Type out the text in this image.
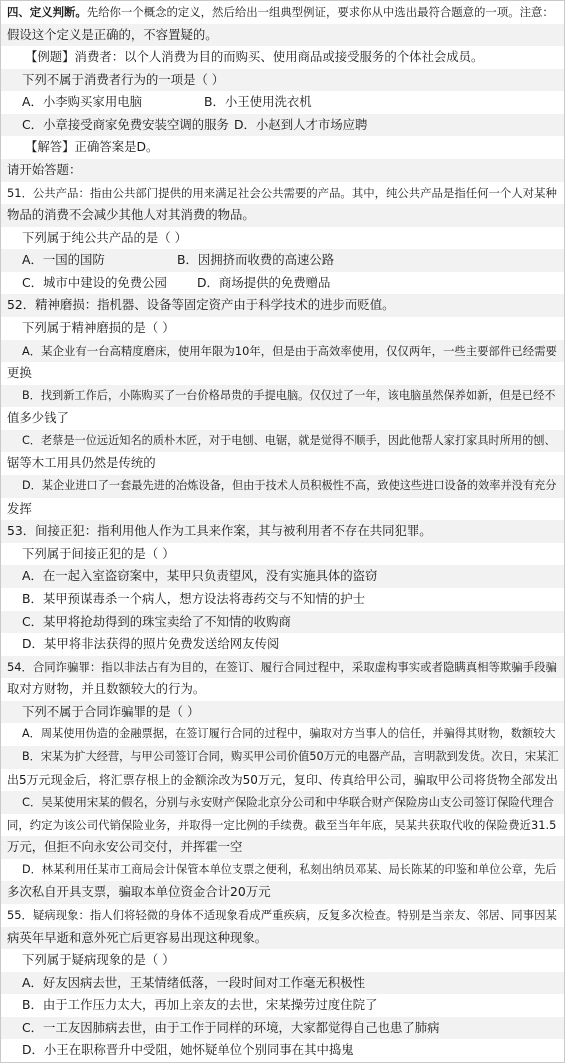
四、定义判断。先给你一个概念的定义，然后给出一组典型例证，要求你从中选出最符合题意的一项。注意：
假设这个定义是正确的，不容置疑的。
【例题】消费者：以个人消费为目的而购买、使用商品或接受服务的个体社会成员。
下列不属于消费者行为的一项是（ ）
A．小李购买家用电脑	B．小王使用洗衣机
C．小章接受商家免费安装空调的服务 D．小赵到人才市场应聘
【解答】正确答案是D。
请开始答题：
51．公共产品：指由公共部门提供的用来满足社会公共需要的产品。其中，纯公共产品是指任何一个人对某种
物品的消费不会减少其他人对其消费的物品。
下列属于纯公共产品的是（ ）
A．一国的国防	B．因拥挤而收费的高速公路
C．城市中建设的免费公园 D．商场提供的免费赠品
52．精神磨损：指机器、设备等固定资产由于科学技术的进步而贬值。
下列属于精神磨损的是（ ）
A．某企业有一台高精度磨床，使用年限为10年，但是由于高效率使用，仅仅两年，一些主要部件已经需要
更换
B．找到新工作后，小陈购买了一台价格昂贵的手提电脑。仅仅过了一年，该电脑虽然保养如新，但是已经不
值多少钱了
C．老蔡是一位远近知名的质朴木匠，对于电刨、电锯，就是觉得不顺手，因此他帮人家打家具时所用的刨、
锯等木工用具仍然是传统的
D．某企业进口了一套最先进的冶炼设备，但由于技术人员积极性不高，致使这些进口设备的效率并没有充分
发挥
53．间接正犯：指利用他人作为工具来作案，其与被利用者不存在共同犯罪。
下列属于间接正犯的是（ ）
A．在一起入室盗窃案中，某甲只负责望风，没有实施具体的盗窃
B．某甲预谋毒杀一个病人，想方设法将毒药交与不知情的护士
C．某甲将抢劫得到的珠宝卖给了不知情的收购商
D．某甲将非法获得的照片免费发送给网友传阅
54．合同诈骗罪：指以非法占有为目的，在签订、履行合同过程中，采取虚构事实或者隐瞒真相等欺骗手段骗
取对方财物，并且数额较大的行为。
下列不属于合同诈骗罪的是（ ）
A．周某使用伪造的金融票据，在签订履行合同的过程中，骗取对方当事人的信任，并骗得其财物，数额较大
B．宋某为扩大经营，与甲公司签订合同，购买甲公司价值50万元的电器产品，言明款到发货。次日，宋某汇
出5万元现金后，将汇票存根上的金额涂改为50万元，复印、传真给甲公司，骗取甲公司将货物全部发出
C．吴某使用宋某的假名，分别与永安财产保险北京分公司和中华联合财产保险房山支公司签订保险代理合
同，约定为该公司代销保险业务，并取得一定比例的手续费。截至当年年底，吴某共获取代收的保险费近31.5
万元，但拒不向永安公司交付，并挥霍一空
D．林某利用任某市工商局会计保管本单位支票之便利，私刻出纳员邓某、局长陈某的印鉴和单位公章，先后
多次私自开具支票，骗取本单位资金合计20万元
55．疑病现象：指人们将轻微的身体不适现象看成严重疾病，反复多次检查。特别是当亲友、邻居、同事因某
病英年早逝和意外死亡后更容易出现这种现象。
下列属于疑病现象的是（ ）
A．好友因病去世，王某情绪低落，一段时间对工作毫无积极性
B．由于工作压力太大，再加上亲友的去世，宋某操劳过度住院了
C．一工友因肺病去世，由于工作于同样的环境，大家都觉得自己也患了肺病
D．小王在职称晋升中受阻，她怀疑单位个别同事在其中捣鬼
